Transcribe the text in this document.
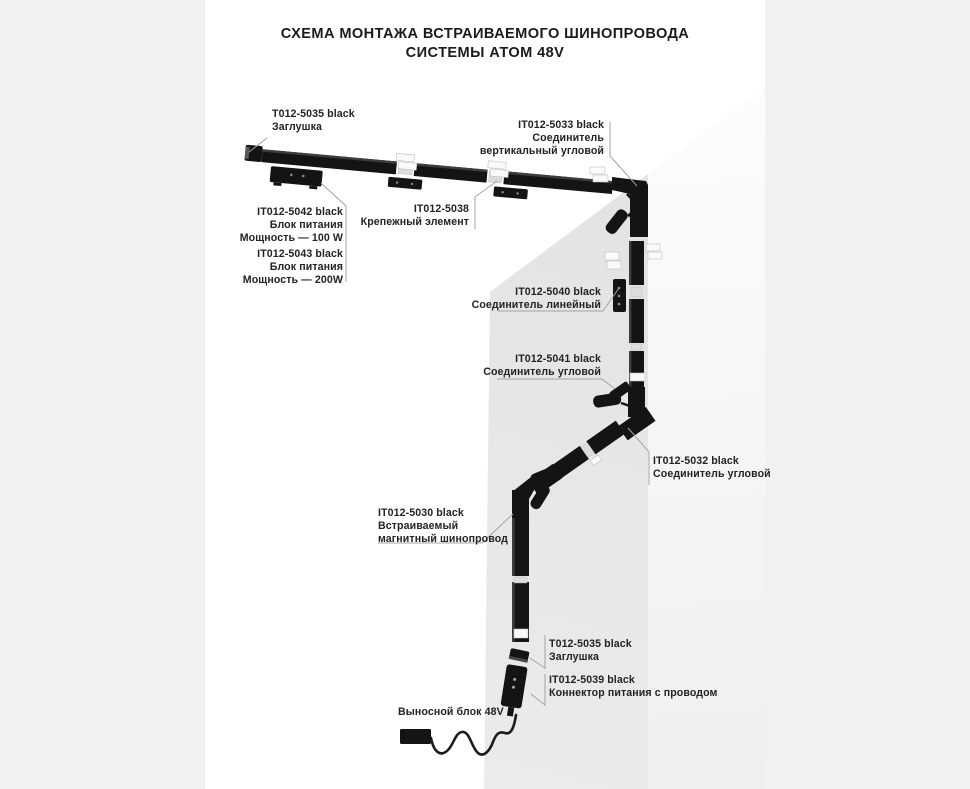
СХЕМА МОНТАЖА ВСТРАИВАЕМОГО ШИНОПРОВОДА
СИСТЕМЫ АТОМ 48V
T012-5035 black
Заглушка
IT012-5042 black
Блок питания
Мощность — 100 W
IT012-5043 black
Блок питания
Мощность — 200W
IT012-5038
Крепежный элемент
IT012-5033 black
Соединитель
вертикальный угловой
IT012-5040 black
Соединитель линейный
IT012-5041 black
Соединитель угловой
IT012-5032 black
Соединитель угловой
IT012-5030 black
Встраиваемый
магнитный шинопровод
T012-5035 black
Заглушка
IT012-5039 black
Коннектор питания с проводом
Выносной блок 48V
